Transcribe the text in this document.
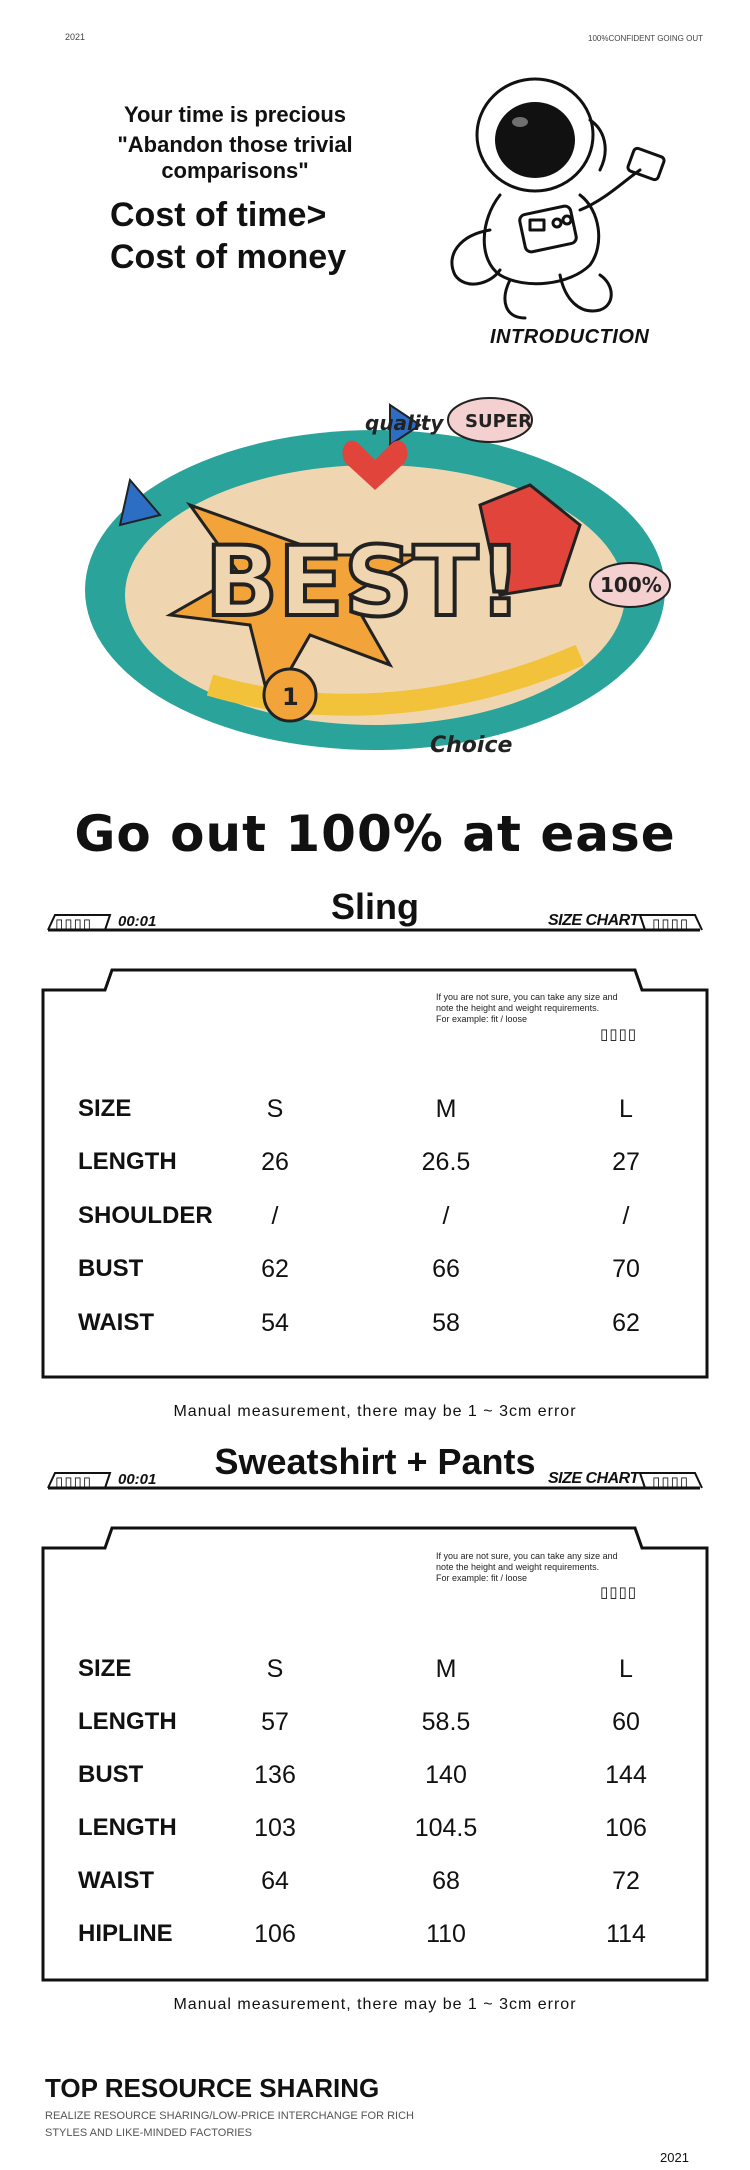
2021	100%CONFIDENT GOING OUT
Your time is precious
"Abandon those trivial comparisons"
Cost of time>
Cost of money
INTRODUCTION
quality SUPER
BEST!	100%
1
Choice
Go out 100% at ease
▯▯▯▯ 00:01	Sling	SIZE CHART ▯▯▯▯
If you are not sure, you can take any size and
note the height and weight requirements.
For example: fit / loose
▯▯▯▯
SIZE	S	M	L
LENGTH	26	26.5	27
SHOULDER	/	/	/
BUST	62	66	70
WAIST	54	58	62
Manual measurement, there may be 1 ~ 3cm error
▯▯▯▯ 00:01	Sweatshirt + Pants SIZE CHART ▯▯▯▯
If you are not sure, you can take any size and
note the height and weight requirements.
For example: fit / loose
▯▯▯▯
SIZE	S	M	L
LENGTH	57	58.5	60
BUST	136	140	144
LENGTH	103	104.5	106
WAIST	64	68	72
HIPLINE	106	110	114
Manual measurement, there may be 1 ~ 3cm error
TOP RESOURCE SHARING
REALIZE RESOURCE SHARING/LOW-PRICE INTERCHANGE FOR RICH
STYLES AND LIKE-MINDED FACTORIES
2021
